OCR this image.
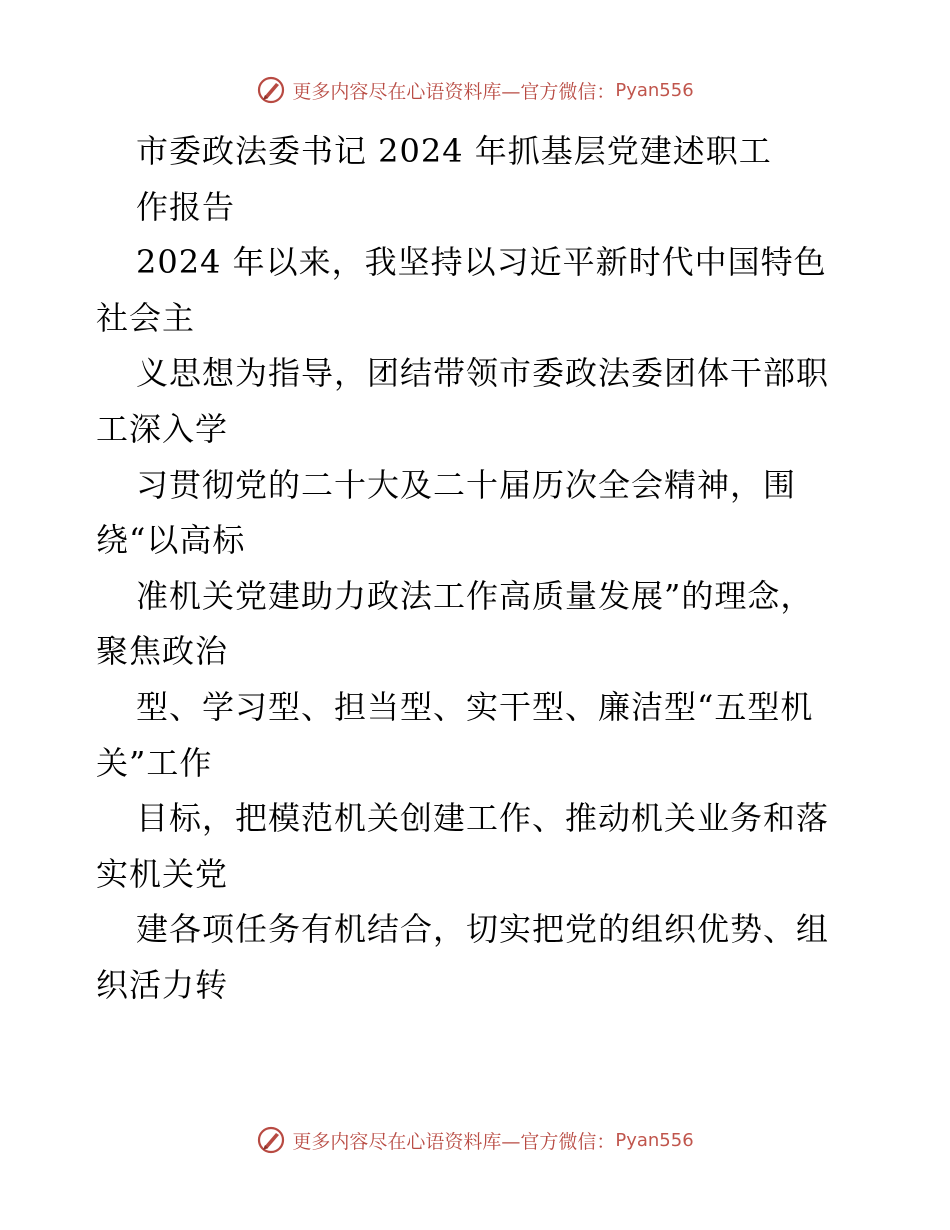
更多内容尽在心语资料库—官方微信： Pyan556
市委政法委书记 2024 年抓基层党建述职工
作报告
2024 年以来，我坚持以习近平新时代中国特色
社会主
义思想为指导，团结带领市委政法委团体干部职
工深入学
习贯彻党的二十大及二十届历次全会精神，围
绕“以高标
准机关党建助力政法工作高质量发展”的理念，
聚焦政治
型、学习型、担当型、实干型、廉洁型“五型机
关”工作
目标，把模范机关创建工作、推动机关业务和落
实机关党
建各项任务有机结合，切实把党的组织优势、组
织活力转
更多内容尽在心语资料库—官方微信： Pyan556
